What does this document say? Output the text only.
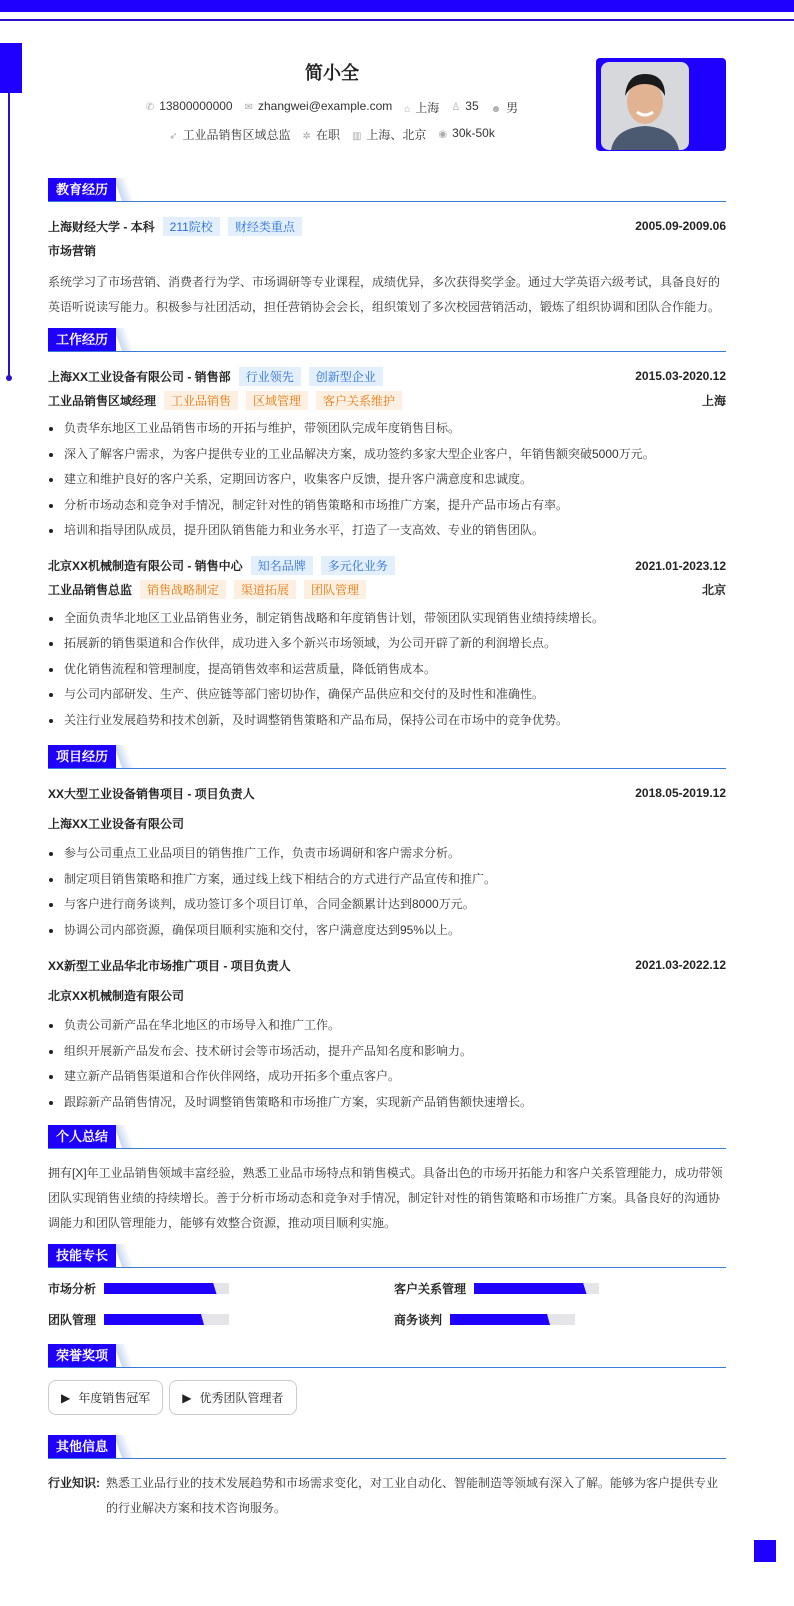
简小全
✆ 13800000000 ✉ zhangwei@example.com ⌂ 上海 ♙ 35 ☻ 男
➶ 工业品销售区域总监 ✲ 在职 ▥ 上海、北京 ◉ 30k-50k
教育经历
上海财经大学 - 本科	211院校	财经类重点	2005.09-2009.06
市场营销

系统学习了市场营销、消费者行为学、市场调研等专业课程，成绩优异，多次获得奖学金。通过大学英语六级考试，具备良好的英语听说读写能力。积极参与社团活动，担任营销协会会长，组织策划了多次校园营销活动，锻炼了组织协调和团队合作能力。

工作经历
上海XX工业设备有限公司 - 销售部	行业领先	创新型企业	2015.03-2020.12
工业品销售区域经理	工业品销售	区域管理	客户关系维护	上海
负责华东地区工业品销售市场的开拓与维护，带领团队完成年度销售目标。
深入了解客户需求，为客户提供专业的工业品解决方案，成功签约多家大型企业客户，年销售额突破5000万元。
建立和维护良好的客户关系，定期回访客户，收集客户反馈，提升客户满意度和忠诚度。
分析市场动态和竞争对手情况，制定针对性的销售策略和市场推广方案，提升产品市场占有率。
培训和指导团队成员，提升团队销售能力和业务水平，打造了一支高效、专业的销售团队。
北京XX机械制造有限公司 - 销售中心	知名品牌	多元化业务	2021.01-2023.12
工业品销售总监	销售战略制定	渠道拓展	团队管理	北京
全面负责华北地区工业品销售业务，制定销售战略和年度销售计划，带领团队实现销售业绩持续增长。
拓展新的销售渠道和合作伙伴，成功进入多个新兴市场领域，为公司开辟了新的利润增长点。
优化销售流程和管理制度，提高销售效率和运营质量，降低销售成本。
与公司内部研发、生产、供应链等部门密切协作，确保产品供应和交付的及时性和准确性。
关注行业发展趋势和技术创新，及时调整销售策略和产品布局，保持公司在市场中的竞争优势。
项目经历
XX大型工业设备销售项目 - 项目负责人	2018.05-2019.12
上海XX工业设备有限公司
参与公司重点工业品项目的销售推广工作，负责市场调研和客户需求分析。
制定项目销售策略和推广方案，通过线上线下相结合的方式进行产品宣传和推广。
与客户进行商务谈判，成功签订多个项目订单，合同金额累计达到8000万元。
协调公司内部资源，确保项目顺利实施和交付，客户满意度达到95%以上。
XX新型工业品华北市场推广项目 - 项目负责人	2021.03-2022.12
北京XX机械制造有限公司
负责公司新产品在华北地区的市场导入和推广工作。
组织开展新产品发布会、技术研讨会等市场活动，提升产品知名度和影响力。
建立新产品销售渠道和合作伙伴网络，成功开拓多个重点客户。
跟踪新产品销售情况，及时调整销售策略和市场推广方案，实现新产品销售额快速增长。
个人总结

拥有[X]年工业品销售领域丰富经验，熟悉工业品市场特点和销售模式。具备出色的市场开拓能力和客户关系管理能力，成功带领团队实现销售业绩的持续增长。善于分析市场动态和竞争对手情况，制定针对性的销售策略和市场推广方案。具备良好的沟通协调能力和团队管理能力，能够有效整合资源，推动项目顺利实施。

技能专长
市场分析	客户关系管理
团队管理	商务谈判
荣誉奖项
▶ 年度销售冠军	▶ 优秀团队管理者
其他信息
行业知识: 熟悉工业品行业的技术发展趋势和市场需求变化，对工业自动化、智能制造等领域有深入了解。能够为客户提供专业的行业解决方案和技术咨询服务。
